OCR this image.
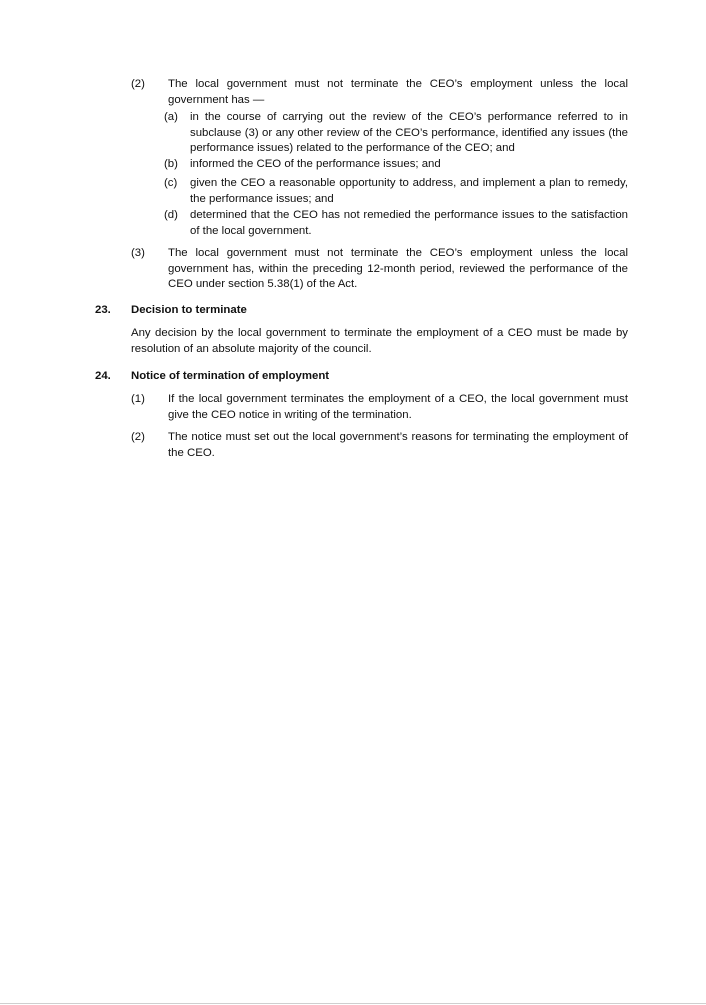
(2) The local government must not terminate the CEO’s employment unless the local government has —
(a) in the course of carrying out the review of the CEO’s performance referred to in subclause (3) or any other review of the CEO’s performance, identified any issues (the performance issues) related to the performance of the CEO; and
(b) informed the CEO of the performance issues; and
(c) given the CEO a reasonable opportunity to address, and implement a plan to remedy, the performance issues; and
(d) determined that the CEO has not remedied the performance issues to the satisfaction of the local government.
(3) The local government must not terminate the CEO’s employment unless the local government has, within the preceding 12-month period, reviewed the performance of the CEO under section 5.38(1) of the Act.
23. Decision to terminate
Any decision by the local government to terminate the employment of a CEO must be made by resolution of an absolute majority of the council.
24. Notice of termination of employment
(1) If the local government terminates the employment of a CEO, the local government must give the CEO notice in writing of the termination.
(2) The notice must set out the local government’s reasons for terminating the employment of the CEO.
